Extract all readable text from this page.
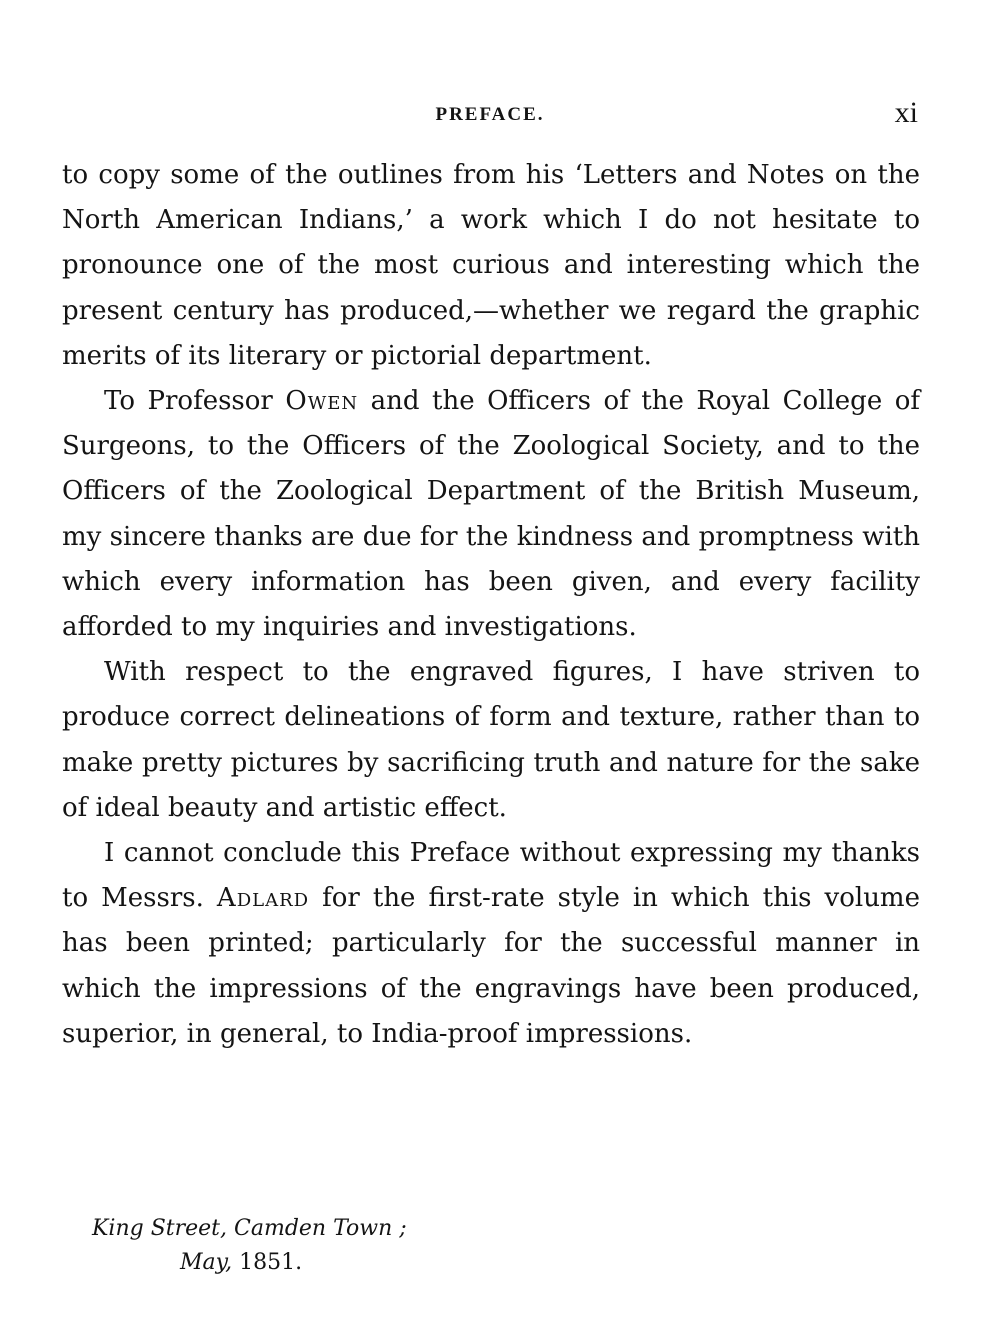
PREFACE.	xi

to copy some of the outlines from his ‘Letters and Notes on the North American Indians,’ a work which I do not hesitate to pronounce one of the most curious and interesting which the present century has produced,—whether we regard the graphic merits of its literary or pictorial department.

To Professor Owen and the Officers of the Royal College of Surgeons, to the Officers of the Zoological Society, and to the Officers of the Zoological Department of the British Museum, my sincere thanks are due for the kindness and promptness with which every information has been given, and every facility afforded to my inquiries and investigations.

With respect to the engraved figures, I have striven to produce correct delineations of form and texture, rather than to make pretty pictures by sacrificing truth and nature for the sake of ideal beauty and artistic effect.

I cannot conclude this Preface without expressing my thanks to Messrs. Adlard for the first-rate style in which this volume has been printed; particularly for the successful manner in which the impressions of the engravings have been produced, superior, in general, to India-proof impressions.

King Street, Camden Town ;
May, 1851.
